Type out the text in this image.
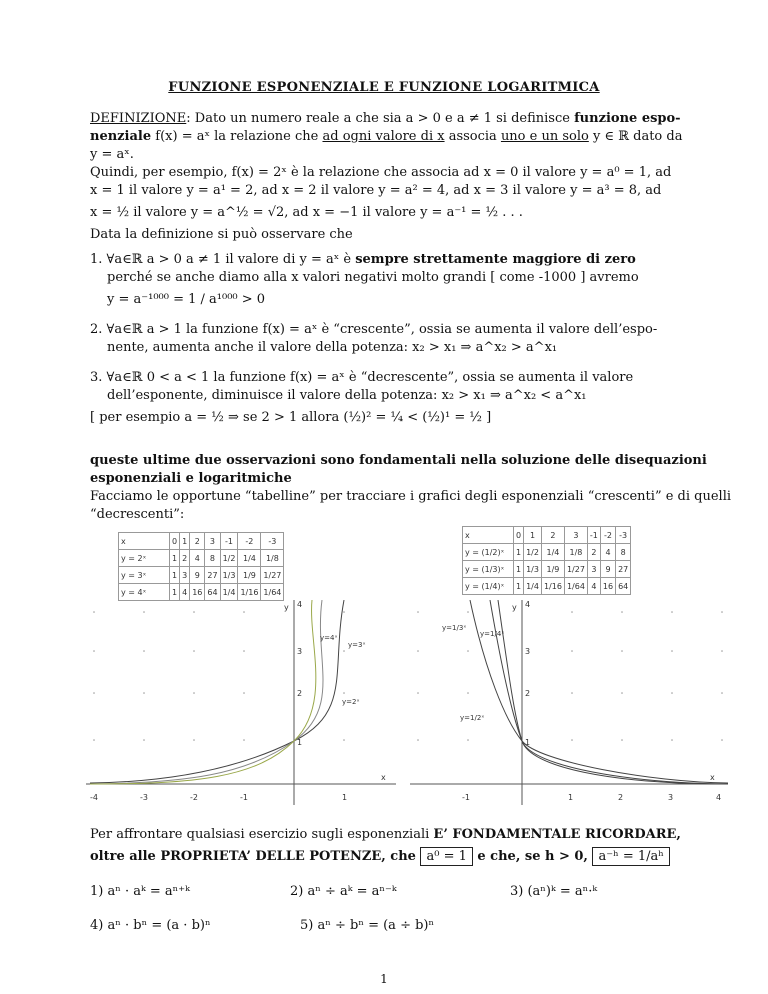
FUNZIONE ESPONENZIALE E FUNZIONE LOGARITMICA
DEFINIZIONE: Dato un numero reale a che sia a > 0 e a ≠ 1 si definisce funzione espo-
nenziale f(x) = aˣ la relazione che ad ogni valore di x associa uno e un solo y ∈ ℝ dato da
y = aˣ.
Quindi, per esempio, f(x) = 2ˣ è la relazione che associa ad x = 0 il valore y = a⁰ = 1, ad
x = 1 il valore y = a¹ = 2, ad x = 2 il valore y = a² = 4, ad x = 3 il valore y = a³ = 8, ad
x = ½ il valore y = a^½ = √2, ad x = −1 il valore y = a⁻¹ = ½ . . .
Data la definizione si può osservare che
1. ∀a∈ℝ a > 0 a ≠ 1 il valore di y = aˣ è sempre strettamente maggiore di zero
perché se anche diamo alla x valori negativi molto grandi [ come -1000 ] avremo
y = a⁻¹⁰⁰⁰ = 1 / a¹⁰⁰⁰ > 0
2. ∀a∈ℝ a > 1 la funzione f(x) = aˣ è “crescente”, ossia se aumenta il valore dell’espo-
nente, aumenta anche il valore della potenza: x₂ > x₁ ⇒ a^x₂ > a^x₁
3. ∀a∈ℝ 0 < a < 1 la funzione f(x) = aˣ è “decrescente”, ossia se aumenta il valore
dell’esponente, diminuisce il valore della potenza: x₂ > x₁ ⇒ a^x₂ < a^x₁
[ per esempio a = ½ ⇒ se 2 > 1 allora (½)² = ¼ < (½)¹ = ½ ]
queste ultime due osservazioni sono fondamentali nella soluzione delle disequazioni
esponenziali e logaritmiche
Facciamo le opportune “tabelline” per tracciare i grafici degli esponenziali “crescenti” e di quelli
“decrescenti”:
x	0	1	2	3	-1	-2	-3
y = 2ˣ	1	2	4	8	1/2	1/4	1/8
y = 3ˣ	1	3	9	27	1/3	1/9	1/27
y = 4ˣ	1	4	16	64	1/4	1/16	1/64
x	0	1	2	3	-1	-2	-3
y = (1/2)ˣ	1	1/2	1/4	1/8	2	4	8
y = (1/3)ˣ	1	1/3	1/9	1/27	3	9	27
y = (1/4)ˣ	1	1/4	1/16	1/64	4	16	64
-4	-3	-2	-1	1
1
2
3
4
x
y
y=4ˣ
y=3ˣ
y=2ˣ
-1	1	2	3	4
1
2
3
4
x
y
y=1/3ˣ
y=1/4ˣ
y=1/2ˣ
Per affrontare qualsiasi esercizio sugli esponenziali E’ FONDAMENTALE RICORDARE,
oltre alle PROPRIETA’ DELLE POTENZE, che a⁰ = 1 e che, se h > 0, a⁻ʰ = 1/aʰ
1) aⁿ · aᵏ = aⁿ⁺ᵏ	2) aⁿ ÷ aᵏ = aⁿ⁻ᵏ	3) (aⁿ)ᵏ = aⁿ·ᵏ
4) aⁿ · bⁿ = (a · b)ⁿ	5) aⁿ ÷ bⁿ = (a ÷ b)ⁿ
1
